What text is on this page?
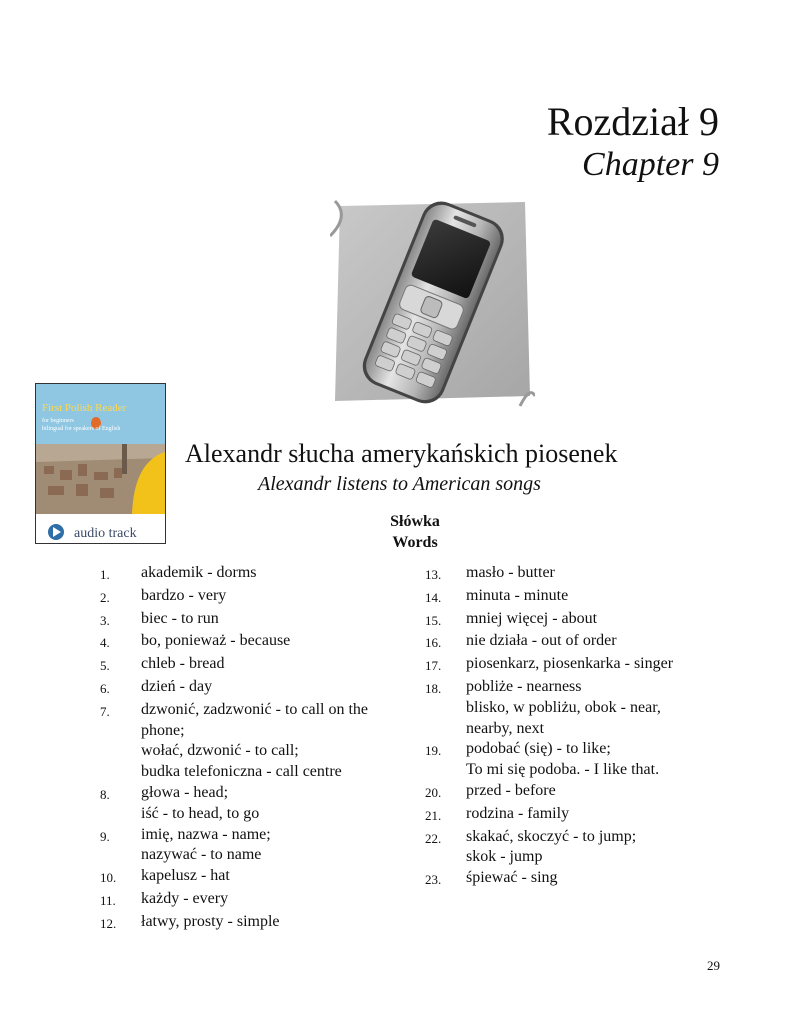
Rozdział 9
Chapter 9
First Polish Reader
for beginners
bilingual for speakers of English
audio track
Alexandr słucha amerykańskich piosenek
Alexandr listens to American songs
Słówka
Words
1.	akademik - dorms
2.	bardzo - very
3.	biec - to run
4.	bo, ponieważ - because
5.	chleb - bread
6.	dzień - day
7.	dzwonić, zadzwonić - to call on the
phone;
wołać, dzwonić - to call;
budka telefoniczna - call centre
8.	głowa - head;
iść - to head, to go
9.	imię, nazwa - name;
nazywać - to name
10.	kapelusz - hat
11.	każdy - every
12.	łatwy, prosty - simple
13.	masło - butter
14.	minuta - minute
15.	mniej więcej - about
16.	nie działa - out of order
17.	piosenkarz, piosenkarka - singer
18.	pobliże - nearness
blisko, w pobliżu, obok - near,
nearby, next
19.	podobać (się) - to like;
To mi się podoba. - I like that.
20.	przed - before
21.	rodzina - family
22.	skakać, skoczyć - to jump;
skok - jump
23.	śpiewać - sing
29
